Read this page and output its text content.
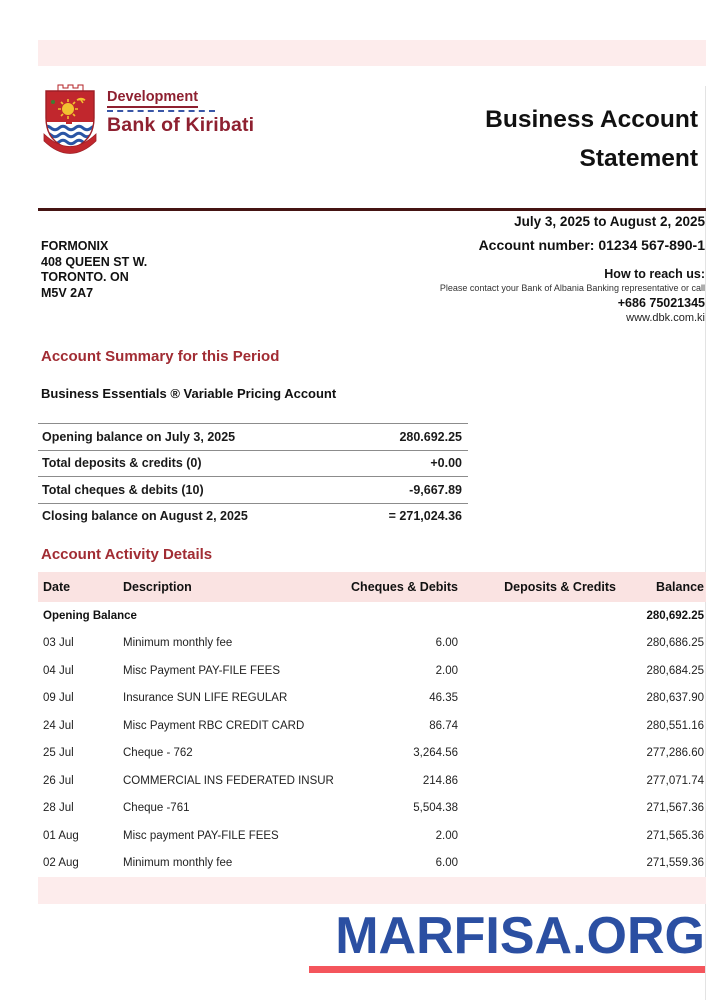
Development
Bank of Kiribati	Business Account
Statement
July 3, 2025 to August 2, 2025
FORMONIX
408 QUEEN ST W.
TORONTO. ON
M5V 2A7
Account number: 01234 567-890-1
How to reach us:
Please contact your Bank of Albania Banking representative or call
+686 75021345
www.dbk.com.ki
Account Summary for this Period
Business Essentials ® Variable Pricing Account
Opening balance on July 3, 2025	280.692.25
Total deposits & credits (0)	+0.00
Total cheques & debits (10)	-9,667.89
Closing balance on August 2, 2025	= 271,024.36
Account Activity Details
Date	Description	Cheques & Debits	Deposits & Credits	Balance
Opening Balance				280,692.25
03 Jul	Minimum monthly fee	6.00		280,686.25
04 Jul	Misc Payment PAY-FILE FEES	2.00		280,684.25
09 Jul	Insurance SUN LIFE REGULAR	46.35		280,637.90
24 Jul	Misc Payment RBC CREDIT CARD	86.74		280,551.16
25 Jul	Cheque - 762	3,264.56		277,286.60
26 Jul	COMMERCIAL INS FEDERATED INSUR	214.86		277,071.74
28 Jul	Cheque -761	5,504.38		271,567.36
01 Aug	Misc payment PAY-FILE FEES	2.00		271,565.36
02 Aug	Minimum monthly fee	6.00		271,559.36
MARFISA.ORG
